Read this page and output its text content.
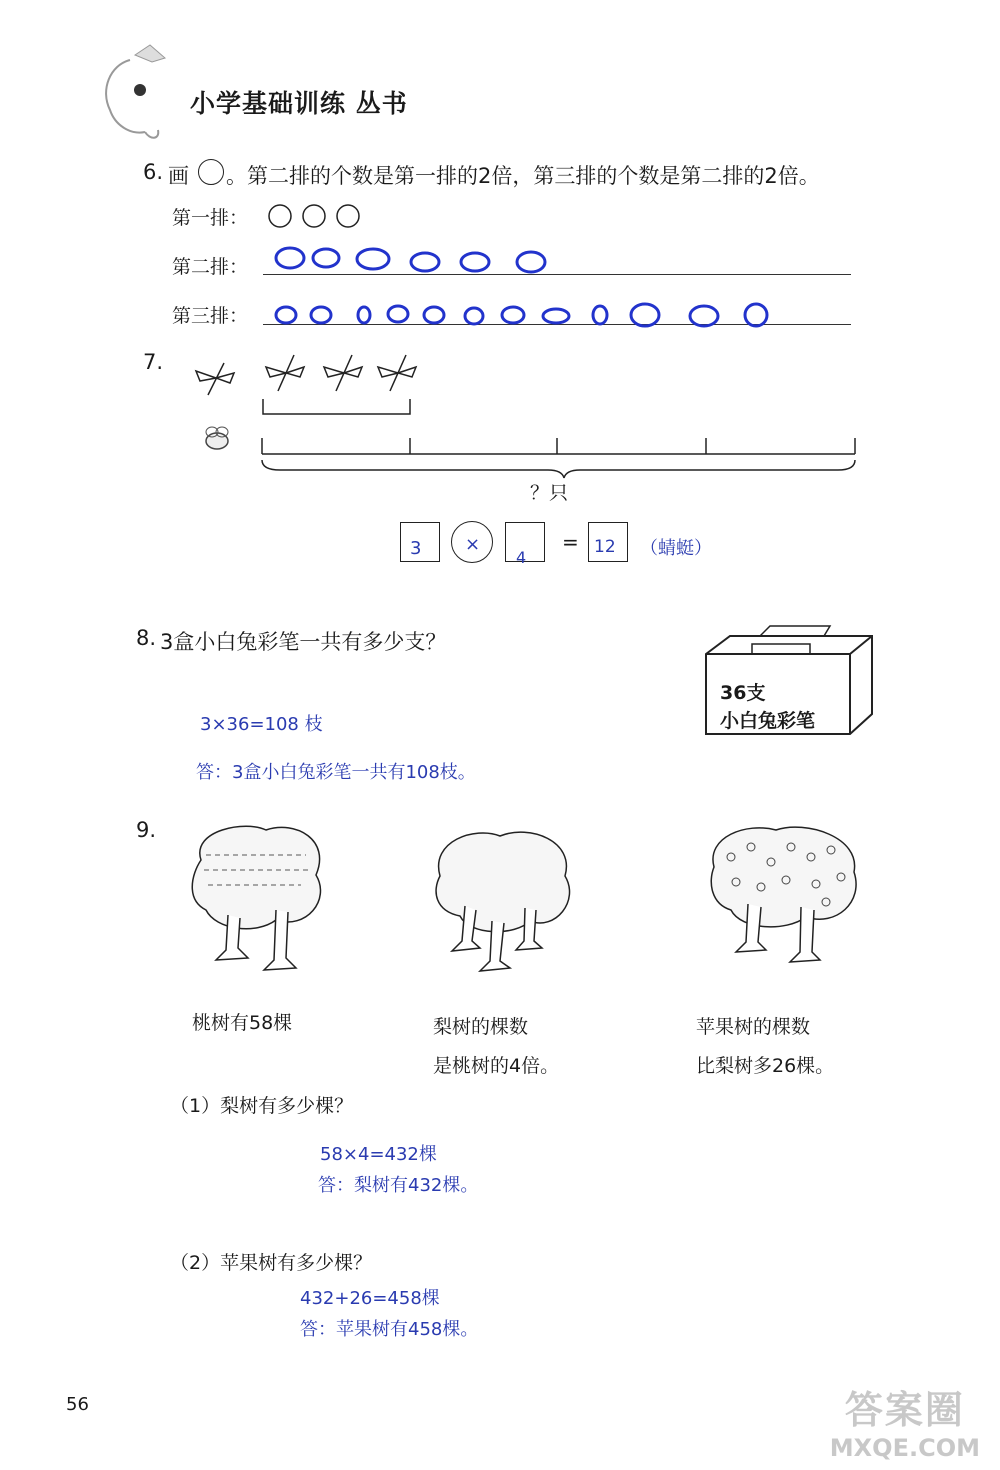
小学基础训练 丛书
6. 画 。第二排的个数是第一排的2倍，第三排的个数是第二排的2倍。
第一排：
第二排：
第三排：
7.
？只
3 ×
4
= 12 （蜻蜓）
8. 3盒小白兔彩笔一共有多少支？
36支
小白兔彩笔
3×36=108 枝
答：3盒小白兔彩笔一共有108枝。
9.
桃树有58棵	梨树的棵数
是桃树的4倍。
苹果树的棵数
比梨树多26棵。
（1）梨树有多少棵？
58×4=432棵
答：梨树有432棵。
（2）苹果树有多少棵？
432+26=458棵
答：苹果树有458棵。
56	答案圈
MXQE.COM
